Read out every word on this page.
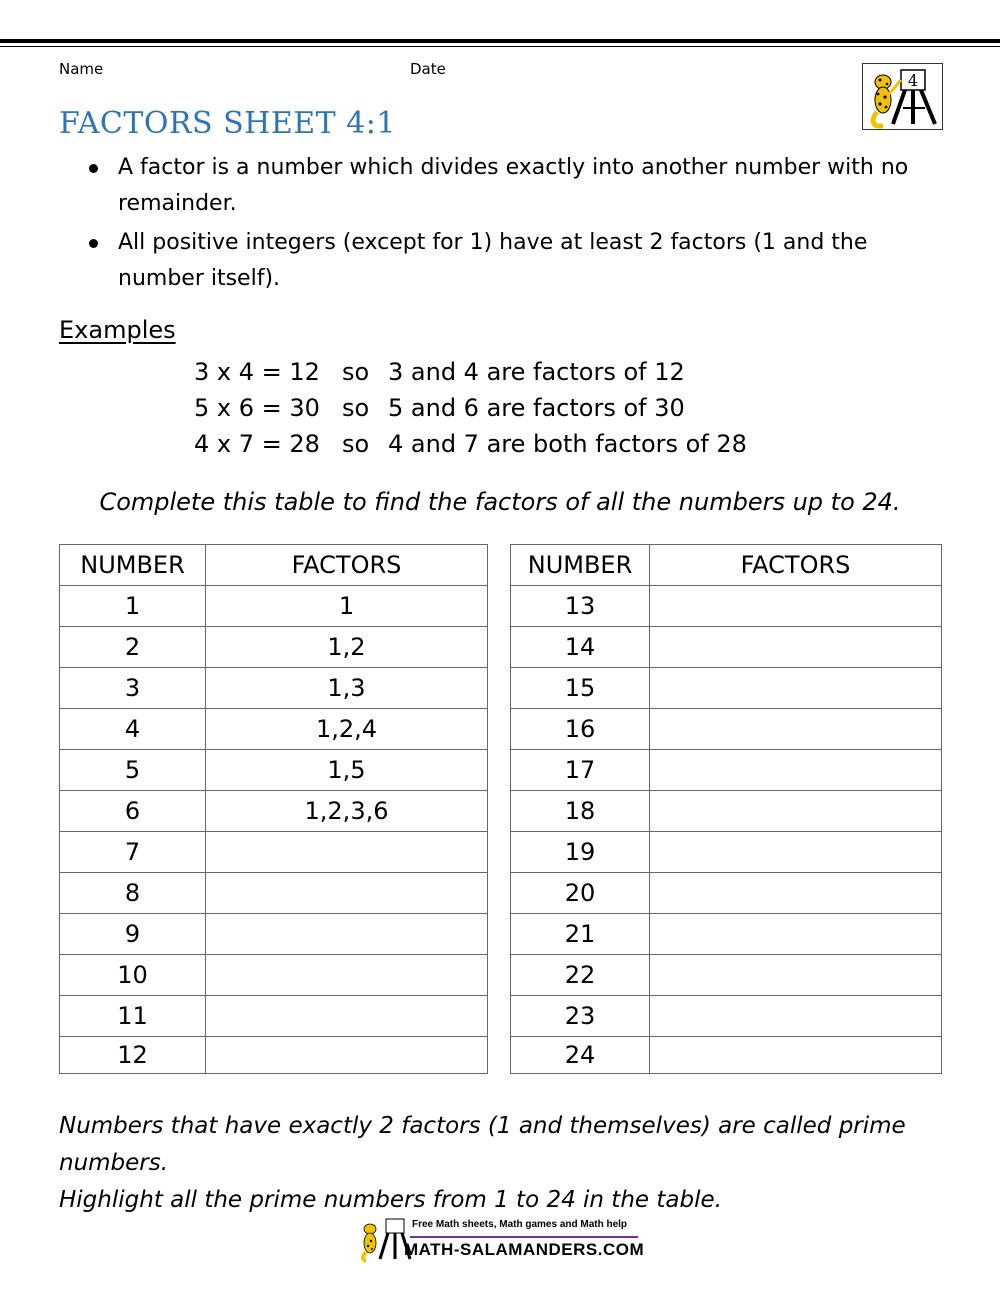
Name	Date
4
FACTORS SHEET 4:1
A factor is a number which divides exactly into another number with no remainder.
All positive integers (except for 1) have at least 2 factors (1 and the number itself).
Examples
3 x 4 = 12 so 3 and 4 are factors of 12
5 x 6 = 30 so 5 and 6 are factors of 30
4 x 7 = 28 so 4 and 7 are both factors of 28
Complete this table to find the factors of all the numbers up to 24.
NUMBER	FACTORS
1	1
2	1,2
3	1,3
4	1,2,4
5	1,5
6	1,2,3,6
7	
8	
9	
10	
11	
12	
NUMBER	FACTORS
13	
14	
15	
16	
17	
18	
19	
20	
21	
22	
23	
24	
Numbers that have exactly 2 factors (1 and themselves) are called prime numbers.
Highlight all the prime numbers from 1 to 24 in the table.
Free Math sheets, Math games and Math help
MATH-SALAMANDERS.COM
